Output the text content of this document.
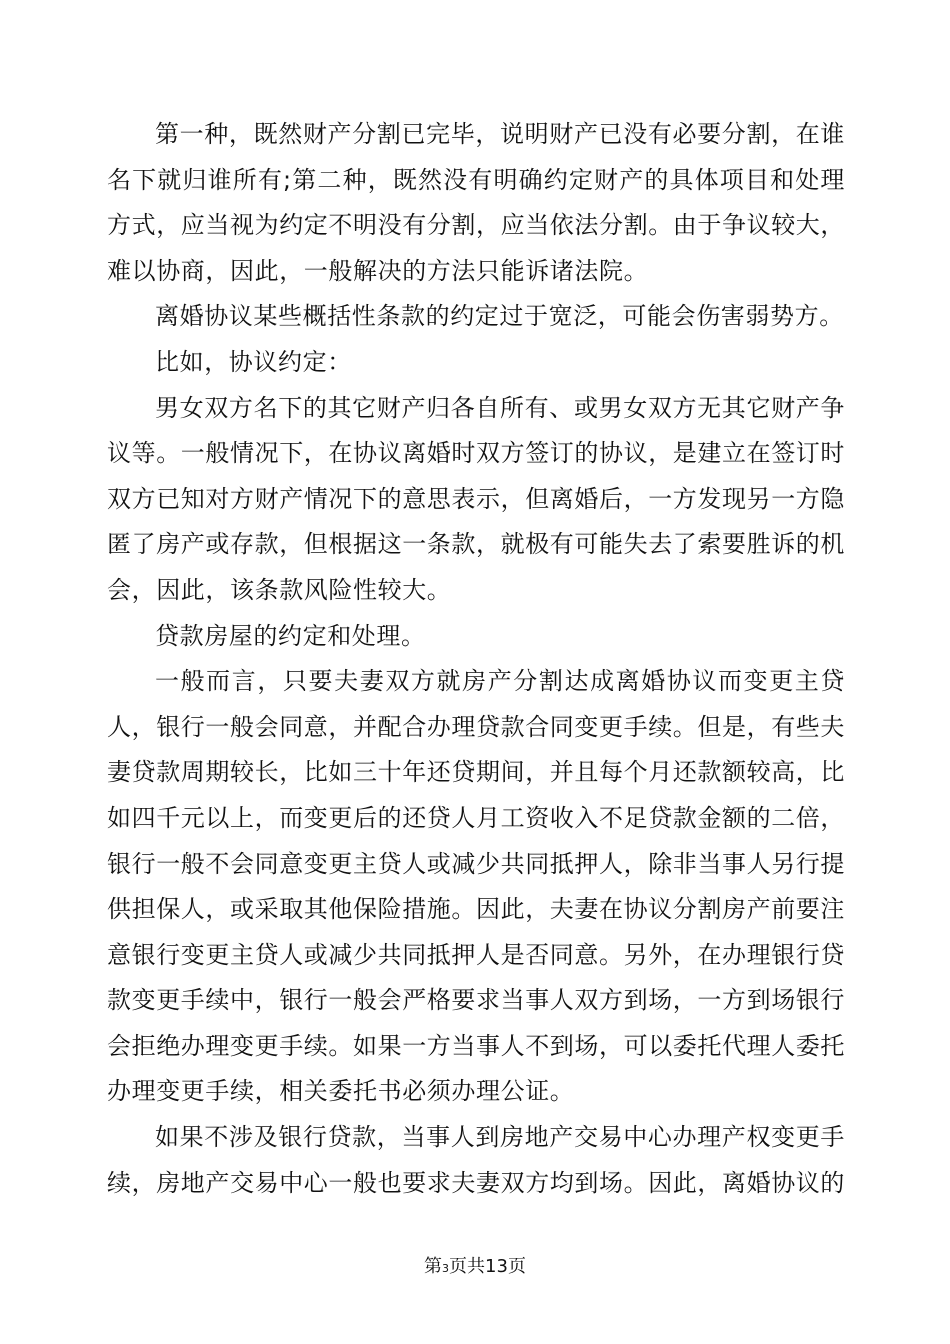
第一种，既然财产分割已完毕，说明财产已没有必要分割，在谁名下就归谁所有;第二种，既然没有明确约定财产的具体项目和处理方式，应当视为约定不明没有分割，应当依法分割。由于争议较大，难以协商，因此，一般解决的方法只能诉诸法院。

离婚协议某些概括性条款的约定过于宽泛，可能会伤害弱势方。

比如，协议约定：

男女双方名下的其它财产归各自所有、或男女双方无其它财产争议等。一般情况下，在协议离婚时双方签订的协议，是建立在签订时双方已知对方财产情况下的意思表示，但离婚后，一方发现另一方隐匿了房产或存款，但根据这一条款，就极有可能失去了索要胜诉的机会，因此，该条款风险性较大。

贷款房屋的约定和处理。

一般而言，只要夫妻双方就房产分割达成离婚协议而变更主贷人，银行一般会同意，并配合办理贷款合同变更手续。但是，有些夫妻贷款周期较长，比如三十年还贷期间，并且每个月还款额较高，比如四千元以上，而变更后的还贷人月工资收入不足贷款金额的二倍，银行一般不会同意变更主贷人或减少共同抵押人，除非当事人另行提供担保人，或采取其他保险措施。因此，夫妻在协议分割房产前要注意银行变更主贷人或减少共同抵押人是否同意。另外，在办理银行贷款变更手续中，银行一般会严格要求当事人双方到场，一方到场银行会拒绝办理变更手续。如果一方当事人不到场，可以委托代理人委托办理变更手续，相关委托书必须办理公证。

如果不涉及银行贷款，当事人到房地产交易中心办理产权变更手续，房地产交易中心一般也要求夫妻双方均到场。因此，离婚协议的

第3页共13页
